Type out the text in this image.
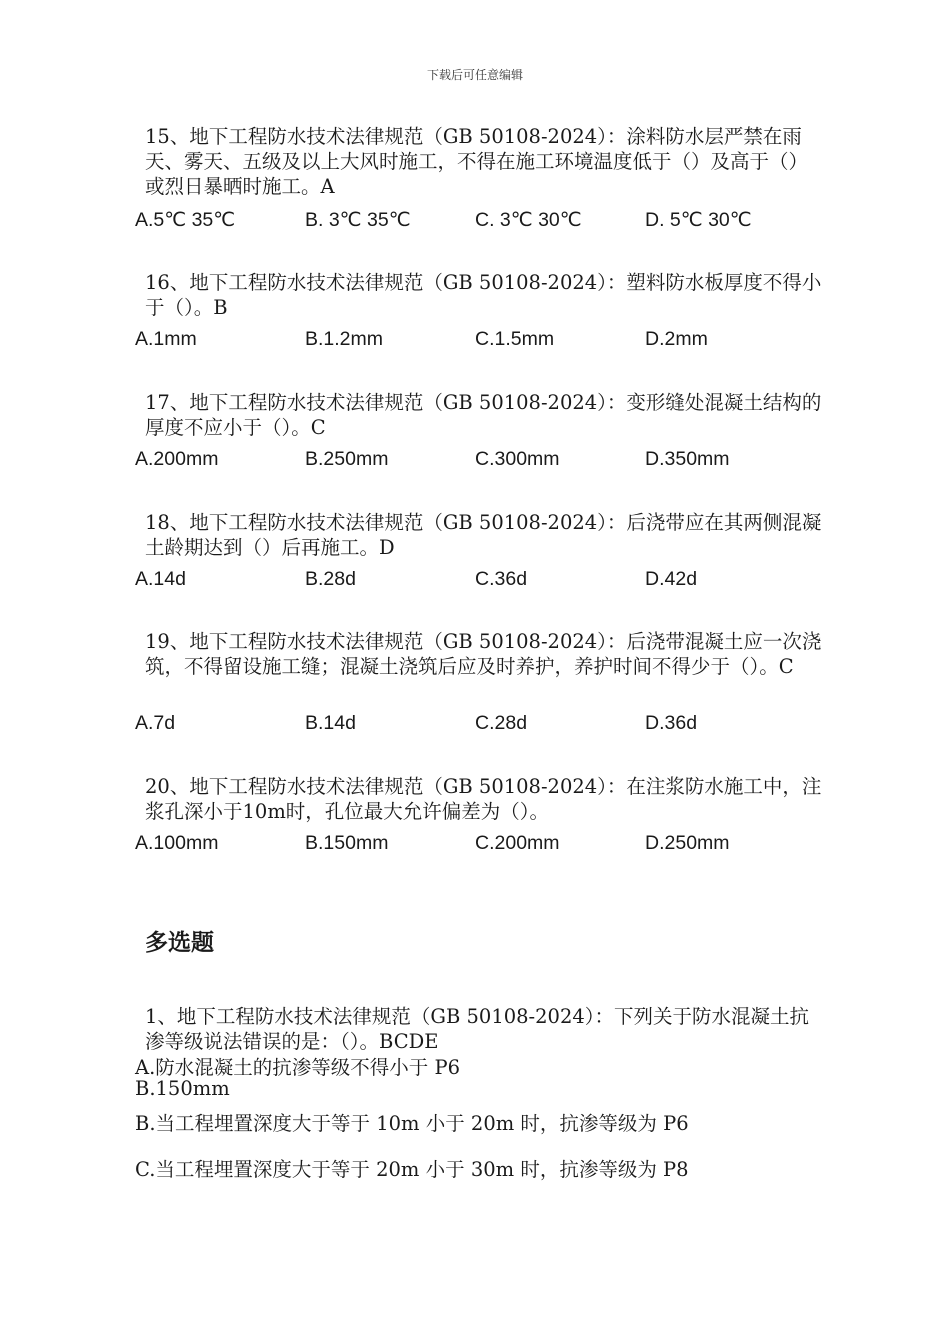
下载后可任意编辑
15、地下工程防水技术法律规范（GB 50108-2024）：涂料防水层严禁在雨天、雾天、五级及以上大风时施工，不得在施工环境温度低于（）及高于（）或烈日暴晒时施工。A
A.5℃ 35℃	B. 3℃ 35℃	C. 3℃ 30℃	D. 5℃ 30℃
16、地下工程防水技术法律规范（GB 50108-2024）：塑料防水板厚度不得小于（）。B
A.1mm	B.1.2mm	C.1.5mm	D.2mm
17、地下工程防水技术法律规范（GB 50108-2024）：变形缝处混凝土结构的厚度不应小于（）。C
A.200mm	B.250mm	C.300mm	D.350mm
18、地下工程防水技术法律规范（GB 50108-2024）：后浇带应在其两侧混凝土龄期达到（）后再施工。D
A.14d	B.28d	C.36d	D.42d
19、地下工程防水技术法律规范（GB 50108-2024）：后浇带混凝土应一次浇筑，不得留设施工缝；混凝土浇筑后应及时养护，养护时间不得少于（）。C
A.7d	B.14d	C.28d	D.36d
20、地下工程防水技术法律规范（GB 50108-2024）：在注浆防水施工中，注浆孔深小于10m时，孔位最大允许偏差为（）。
A.100mm	B.150mm	C.200mm	D.250mm
多选题
1、地下工程防水技术法律规范（GB 50108-2024）：下列关于防水混凝土抗渗等级说法错误的是：（）。BCDE
A.防水混凝土的抗渗等级不得小于 P6
B.150mm
B.当工程埋置深度大于等于 10m 小于 20m 时，抗渗等级为 P6
C.当工程埋置深度大于等于 20m 小于 30m 时，抗渗等级为 P8
